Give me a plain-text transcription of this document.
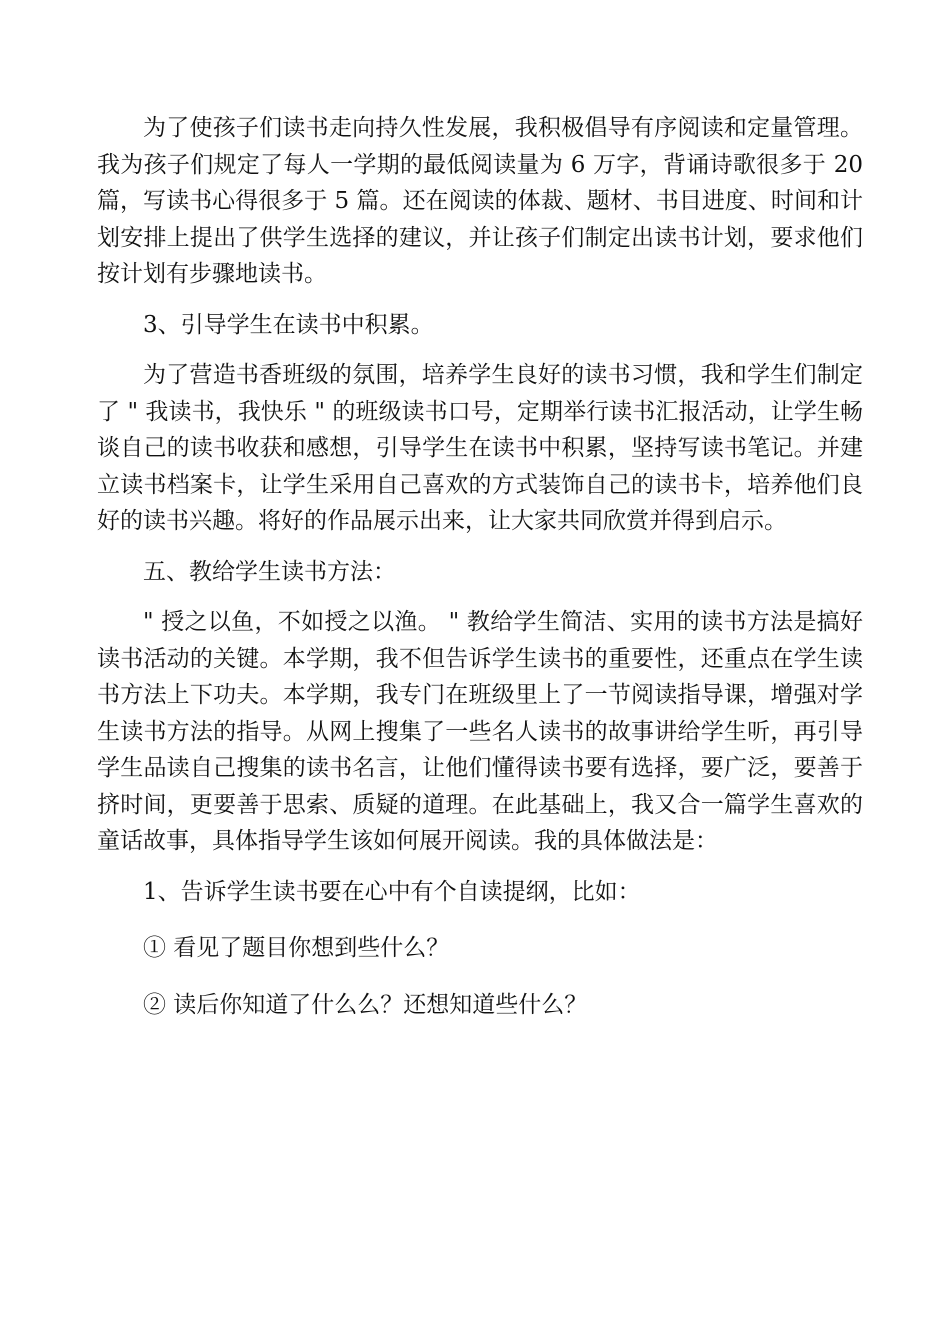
为了使孩子们读书走向持久性发展，我积极倡导有序阅读和定量管理。我为孩子们规定了每人一学期的最低阅读量为 6 万字，背诵诗歌很多于 20 篇，写读书心得很多于 5 篇。还在阅读的体裁、题材、书目进度、时间和计划安排上提出了供学生选择的建议，并让孩子们制定出读书计划，要求他们按计划有步骤地读书。

3、引导学生在读书中积累。

为了营造书香班级的氛围，培养学生良好的读书习惯，我和学生们制定了 " 我读书，我快乐 " 的班级读书口号，定期举行读书汇报活动，让学生畅谈自己的读书收获和感想，引导学生在读书中积累，坚持写读书笔记。并建立读书档案卡，让学生采用自己喜欢的方式装饰自己的读书卡，培养他们良好的读书兴趣。将好的作品展示出来，让大家共同欣赏并得到启示。

五、教给学生读书方法：

" 授之以鱼，不如授之以渔。 " 教给学生简洁、实用的读书方法是搞好读书活动的关键。本学期，我不但告诉学生读书的重要性，还重点在学生读书方法上下功夫。本学期，我专门在班级里上了一节阅读指导课，增强对学生读书方法的指导。从网上搜集了一些名人读书的故事讲给学生听，再引导学生品读自己搜集的读书名言，让他们懂得读书要有选择，要广泛，要善于挤时间，更要善于思索、质疑的道理。在此基础上，我又合一篇学生喜欢的童话故事，具体指导学生该如何展开阅读。我的具体做法是：

1、告诉学生读书要在心中有个自读提纲，比如：

① 看见了题目你想到些什么？

② 读后你知道了什么么？还想知道些什么？
